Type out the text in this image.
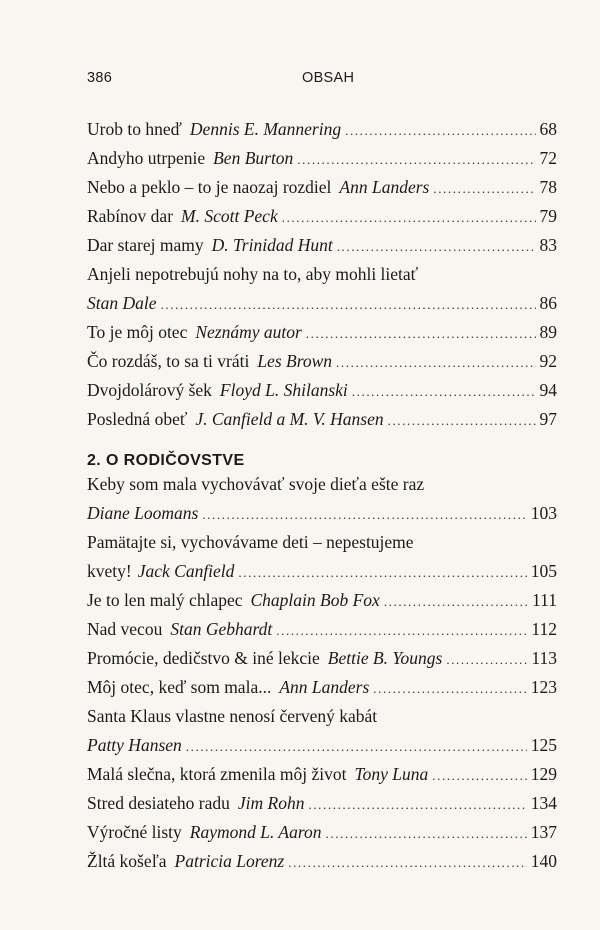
386	OBSAH
Urob to hneď Dennis E. Mannering .....	68
Andyho utrpenie Ben Burton .....	72
Nebo a peklo – to je naozaj rozdiel Ann Landers .....	78
Rabínov dar M. Scott Peck .....	79
Dar starej mamy D. Trinidad Hunt .....	83
Anjeli nepotrebujú nohy na to, aby mohli lietať
Stan Dale .....	86
To je môj otec Neznámy autor .....	89
Čo rozdáš, to sa ti vráti Les Brown .....	92
Dvojdolárový šek Floyd L. Shilanski .....	94
Posledná obeť J. Canfield a M. V. Hansen .....	97
2. O RODIČOVSTVE
Keby som mala vychovávať svoje dieťa ešte raz
Diane Loomans .....	103
Pamätajte si, vychovávame deti – nepestujeme
kvety! Jack Canfield .....	105
Je to len malý chlapec Chaplain Bob Fox .....	111
Nad vecou Stan Gebhardt .....	112
Promócie, dedičstvo & iné lekcie Bettie B. Youngs .....	113
Môj otec, keď som mala... Ann Landers .....	123
Santa Klaus vlastne nenosí červený kabát
Patty Hansen .....	125
Malá slečna, ktorá zmenila môj život Tony Luna .....	129
Stred desiateho radu Jim Rohn .....	134
Výročné listy Raymond L. Aaron .....	137
Žltá košeľa Patricia Lorenz .....	140
